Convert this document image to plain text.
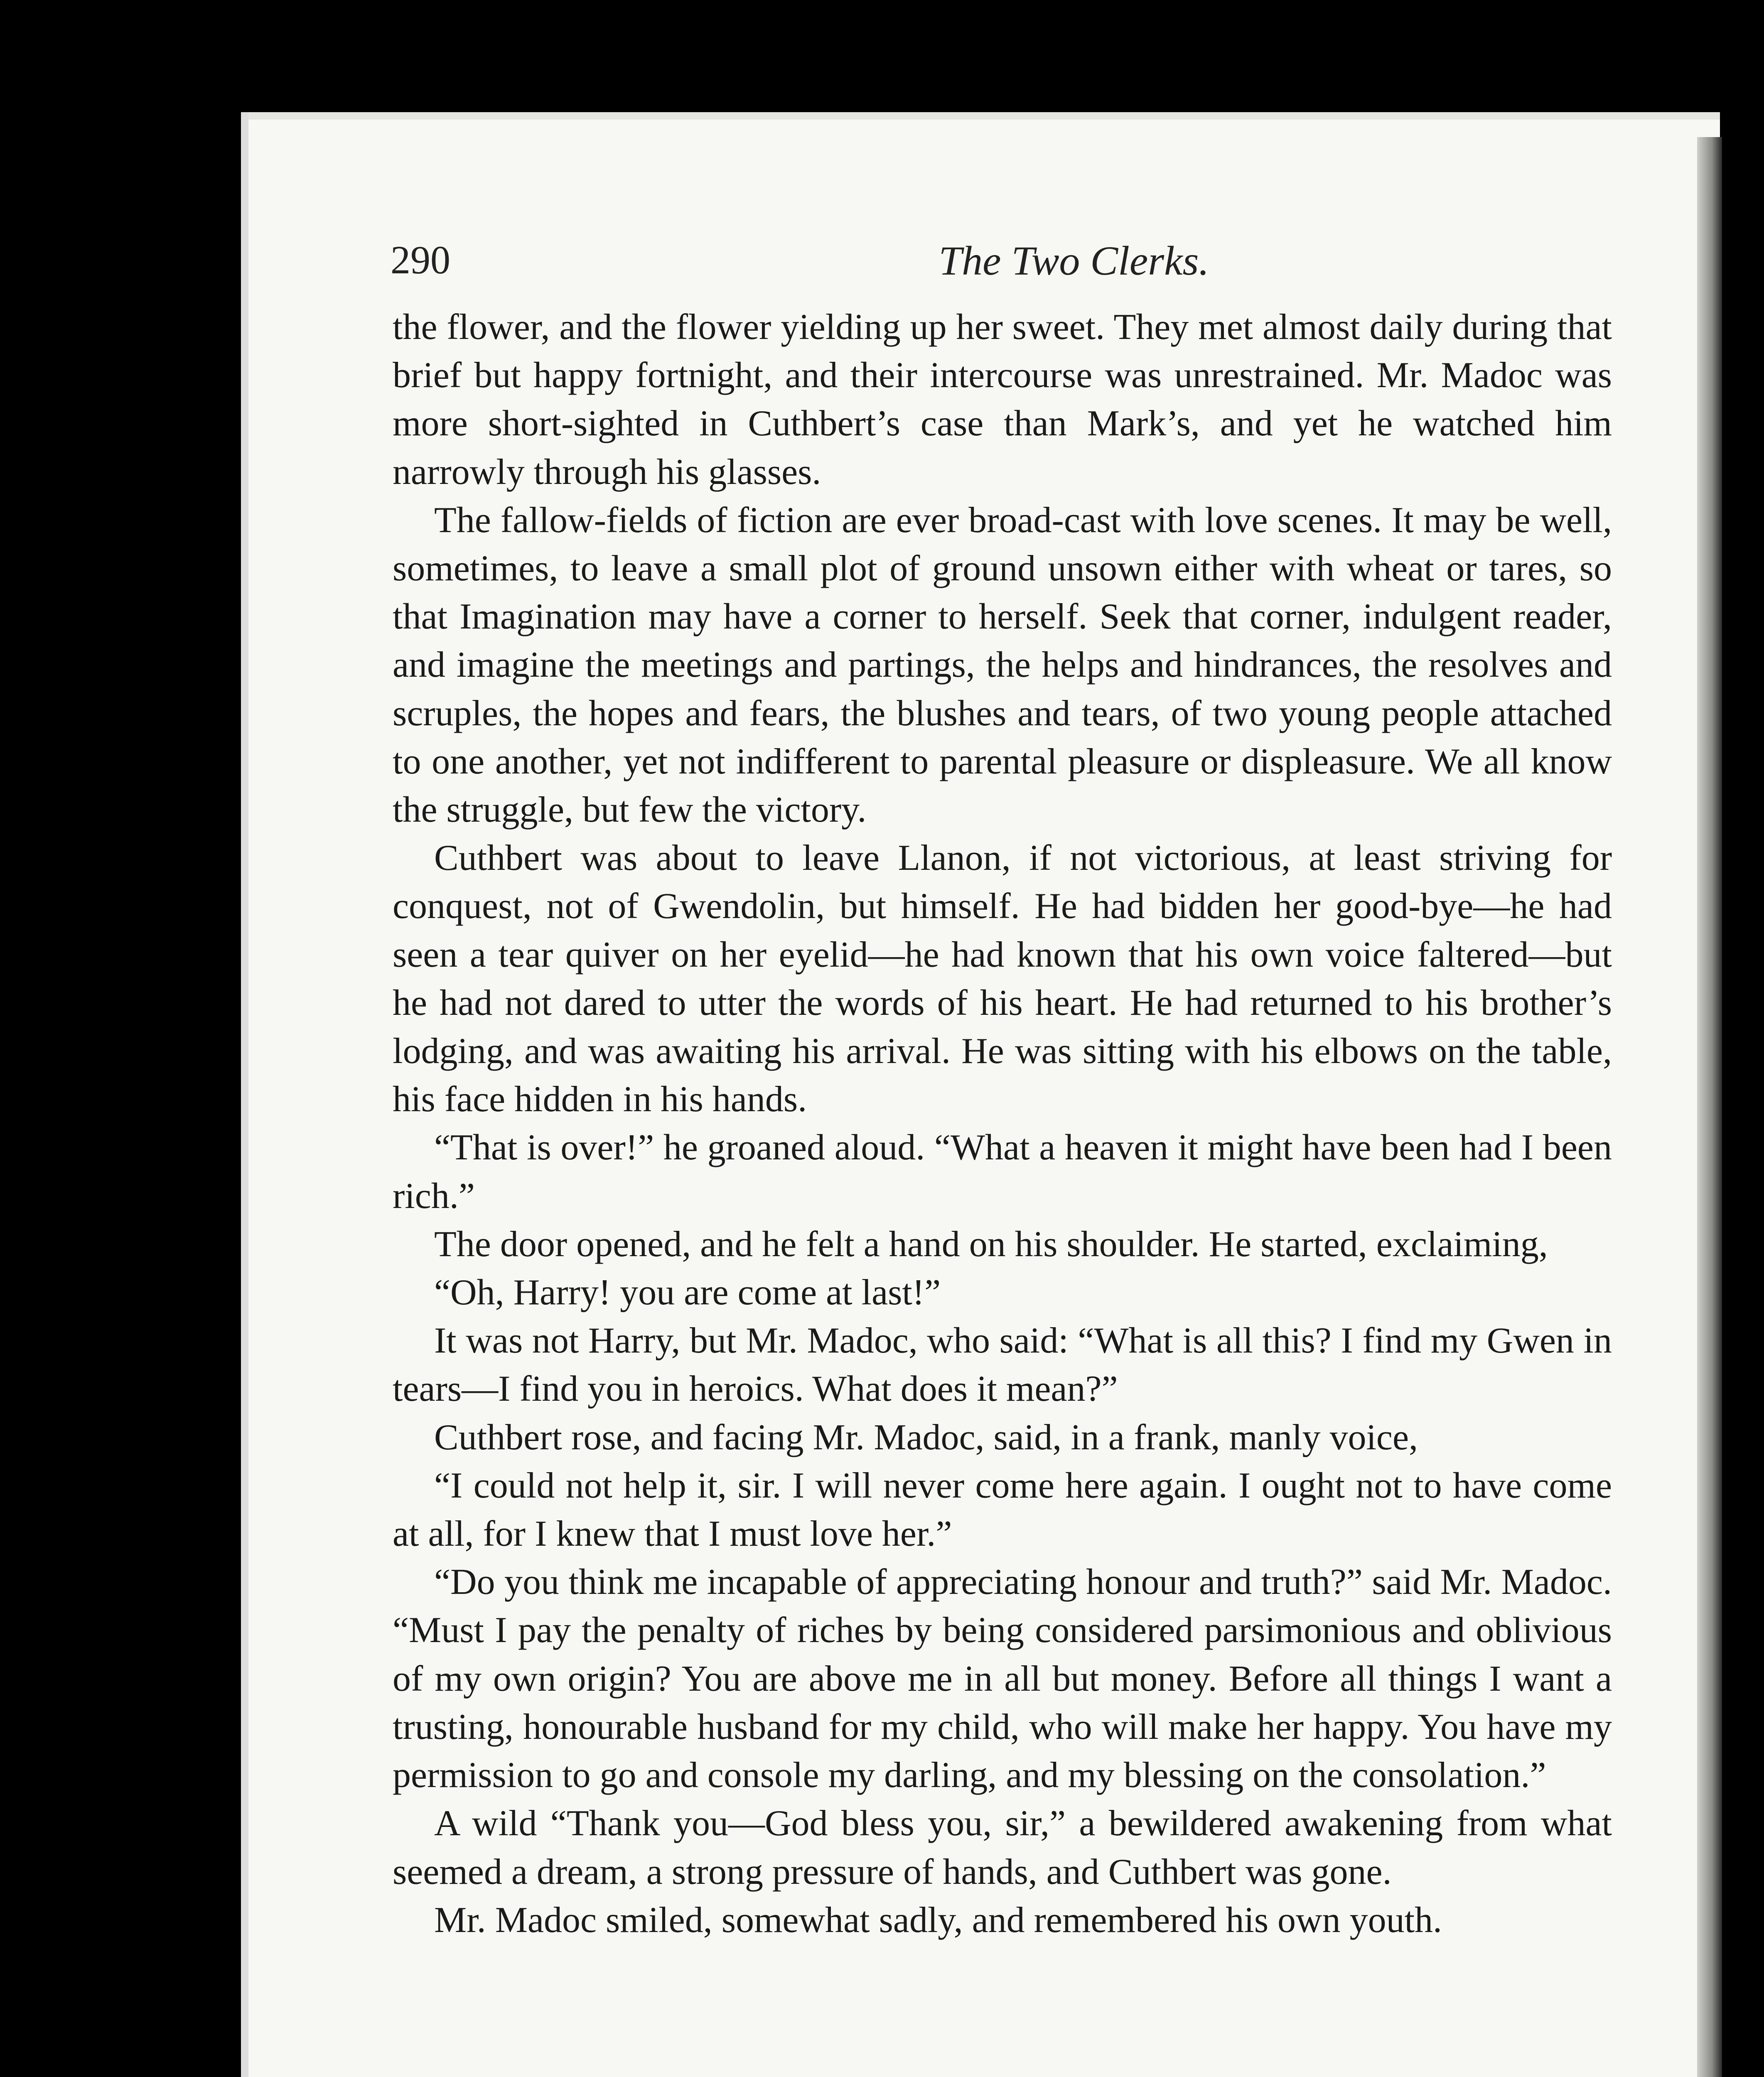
290	The Two Clerks.

the flower, and the flower yielding up her sweet. They met almost daily during that brief but happy fortnight, and their intercourse was unrestrained. Mr. Madoc was more short-sighted in Cuthbert’s case than Mark’s, and yet he watched him narrowly through his glasses.

The fallow-fields of fiction are ever broad-cast with love scenes. It may be well, sometimes, to leave a small plot of ground unsown either with wheat or tares, so that Imagination may have a corner to herself. Seek that corner, indulgent reader, and imagine the meetings and partings, the helps and hindrances, the resolves and scruples, the hopes and fears, the blushes and tears, of two young people attached to one another, yet not indifferent to parental pleasure or displeasure. We all know the struggle, but few the victory.

Cuthbert was about to leave Llanon, if not victorious, at least striving for conquest, not of Gwendolin, but himself. He had bidden her good-bye—he had seen a tear quiver on her eyelid—he had known that his own voice faltered—but he had not dared to utter the words of his heart. He had returned to his brother’s lodging, and was awaiting his arrival. He was sitting with his elbows on the table, his face hidden in his hands.

“That is over!” he groaned aloud. “What a heaven it might have been had I been rich.”

The door opened, and he felt a hand on his shoulder. He started, exclaiming,

“Oh, Harry! you are come at last!”

It was not Harry, but Mr. Madoc, who said: “What is all this? I find my Gwen in tears—I find you in heroics. What does it mean?”

Cuthbert rose, and facing Mr. Madoc, said, in a frank, manly voice,

“I could not help it, sir. I will never come here again. I ought not to have come at all, for I knew that I must love her.”

“Do you think me incapable of appreciating honour and truth?” said Mr. Madoc. “Must I pay the penalty of riches by being considered parsimonious and oblivious of my own origin? You are above me in all but money. Before all things I want a trusting, honourable husband for my child, who will make her happy. You have my permission to go and console my darling, and my blessing on the consolation.”

A wild “Thank you—God bless you, sir,” a bewildered awakening from what seemed a dream, a strong pressure of hands, and Cuthbert was gone.

Mr. Madoc smiled, somewhat sadly, and remembered his own youth.
